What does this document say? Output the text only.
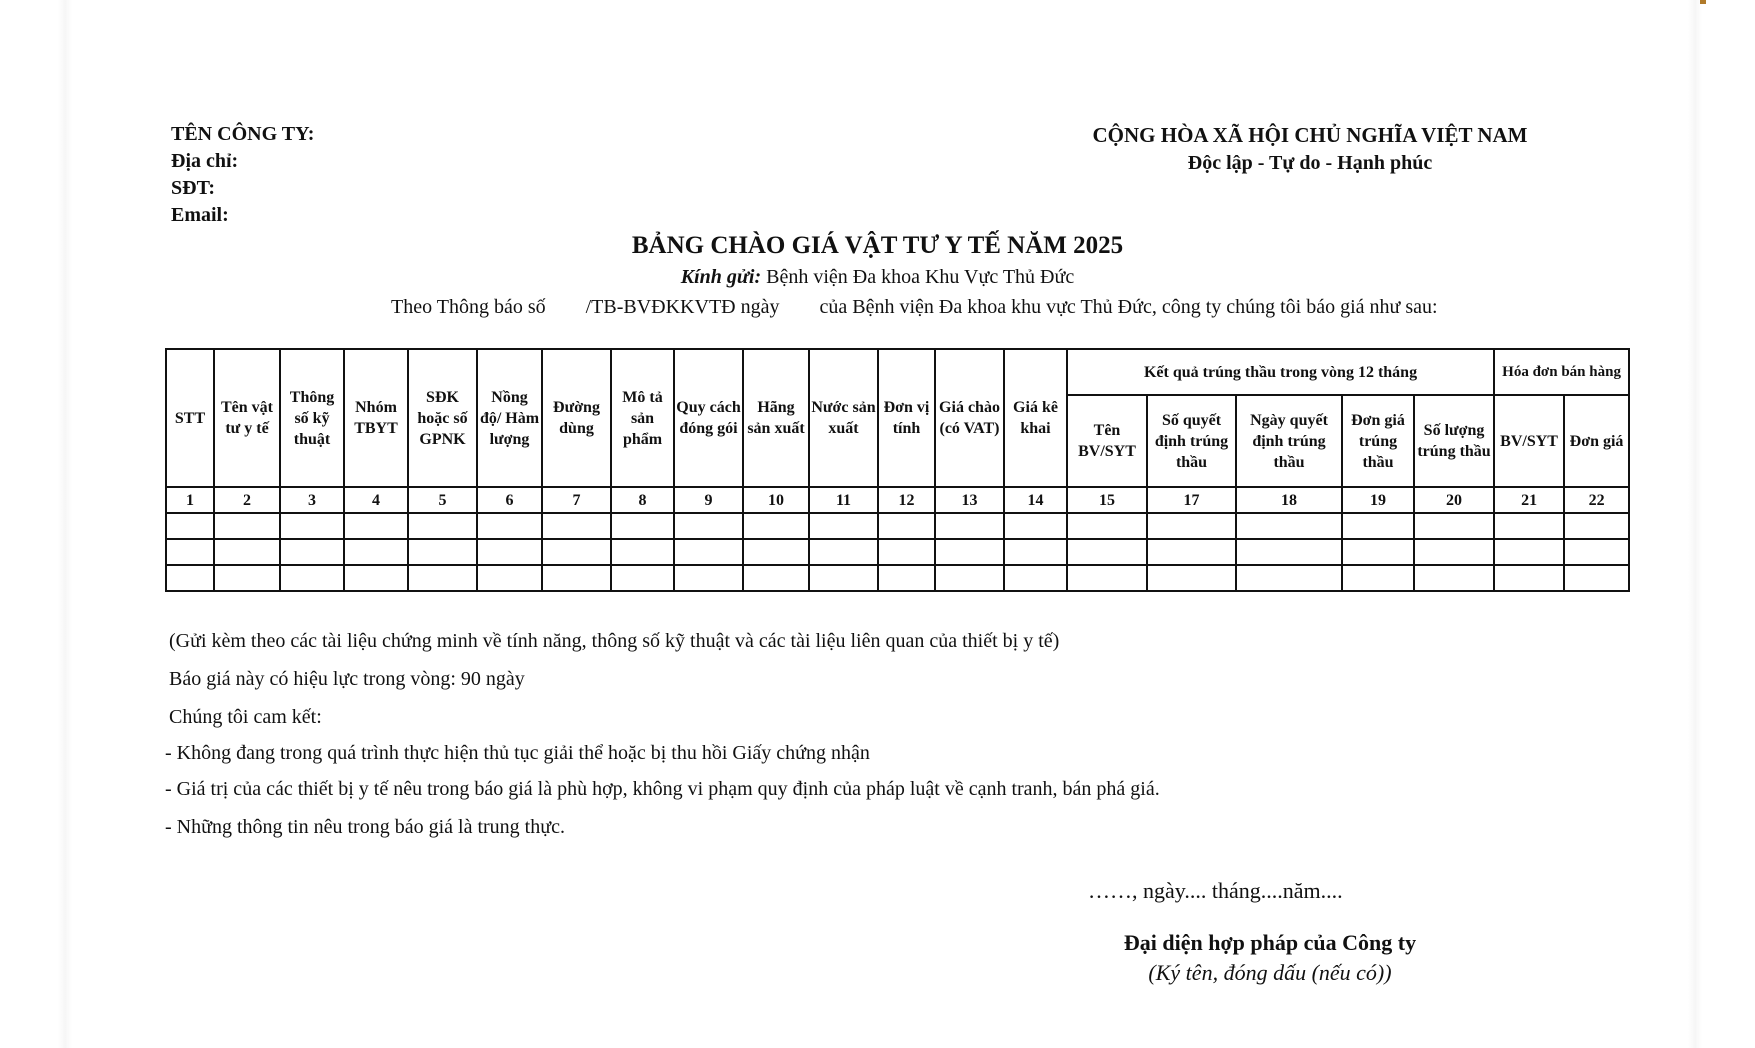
TÊN CÔNG TY:
Địa chỉ:
SĐT:
Email:
CỘNG HÒA XÃ HỘI CHỦ NGHĨA VIỆT NAM
Độc lập - Tự do - Hạnh phúc
BẢNG CHÀO GIÁ VẬT TƯ Y TẾ NĂM 2025
Kính gửi: Bệnh viện Đa khoa Khu Vực Thủ Đức
Theo Thông báo số /TB-BVĐKKVTĐ ngày của Bệnh viện Đa khoa khu vực Thủ Đức, công ty chúng tôi báo giá như sau:
STT	Tên vật tư y tế	Thông số kỹ thuật	Nhóm TBYT	SĐK hoặc số GPNK	Nồng độ/ Hàm lượng	Đường dùng	Mô tả sản phẩm	Quy cách đóng gói	Hãng sản xuất	Nước sản xuất	Đơn vị tính	Giá chào (có VAT)	Giá kê khai	Kết quả trúng thầu trong vòng 12 tháng					Hóa đơn bán hàng	
														Tên BV/SYT	Số quyết định trúng thầu	Ngày quyết định trúng thầu	Đơn giá trúng thầu	Số lượng trúng thầu	BV/SYT	Đơn giá
1	2	3	4	5	6	7	8	9	10	11	12	13	14	15	17	18	19	20	21	22

(Gửi kèm theo các tài liệu chứng minh về tính năng, thông số kỹ thuật và các tài liệu liên quan của thiết bị y tế)
Báo giá này có hiệu lực trong vòng: 90 ngày
Chúng tôi cam kết:
- Không đang trong quá trình thực hiện thủ tục giải thể hoặc bị thu hồi Giấy chứng nhận
- Giá trị của các thiết bị y tế nêu trong báo giá là phù hợp, không vi phạm quy định của pháp luật về cạnh tranh, bán phá giá.
- Những thông tin nêu trong báo giá là trung thực.
……, ngày.... tháng....năm....
Đại diện hợp pháp của Công ty
(Ký tên, đóng dấu (nếu có))
